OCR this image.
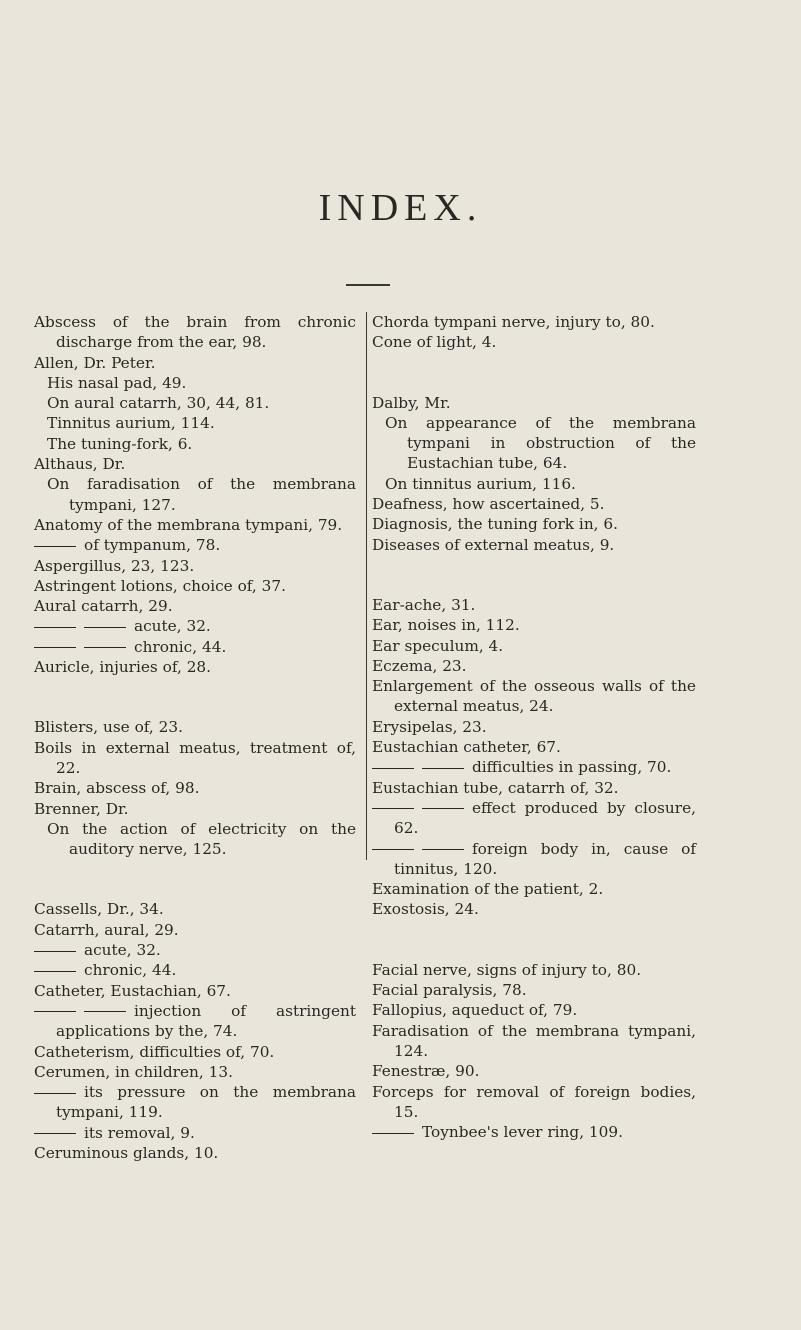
INDEX.

Abscess of the brain from chronic discharge from the ear, 98.

Allen, Dr. Peter.

His nasal pad, 49.

On aural catarrh, 30, 44, 81.

Tinnitus aurium, 114.

The tuning-fork, 6.

Althaus, Dr.

On faradisation of the membrana tympani, 127.

Anatomy of the membrana tympani, 79.

of tympanum, 78.

Aspergillus, 23, 123.

Astringent lotions, choice of, 37.

Aural catarrh, 29.

acute, 32.

chronic, 44.

Auricle, injuries of, 28.

Blisters, use of, 23.

Boils in external meatus, treatment of, 22.

Brain, abscess of, 98.

Brenner, Dr.

On the action of electricity on the auditory nerve, 125.

Cassells, Dr., 34.

Catarrh, aural, 29.

acute, 32.

chronic, 44.

Catheter, Eustachian, 67.

injection of astringent applications by the, 74.

Catheterism, difficulties of, 70.

Cerumen, in children, 13.

its pressure on the membrana tympani, 119.

its removal, 9.

Ceruminous glands, 10.

Chorda tympani nerve, injury to, 80.

Cone of light, 4.

Dalby, Mr.

On appearance of the membrana tympani in obstruction of the Eustachian tube, 64.

On tinnitus aurium, 116.

Deafness, how ascertained, 5.

Diagnosis, the tuning fork in, 6.

Diseases of external meatus, 9.

Ear-ache, 31.

Ear, noises in, 112.

Ear speculum, 4.

Eczema, 23.

Enlargement of the osseous walls of the external meatus, 24.

Erysipelas, 23.

Eustachian catheter, 67.

difficulties in passing, 70.

Eustachian tube, catarrh of, 32.

effect produced by closure, 62.

foreign body in, cause of tinnitus, 120.

Examination of the patient, 2.

Exostosis, 24.

Facial nerve, signs of injury to, 80.

Facial paralysis, 78.

Fallopius, aqueduct of, 79.

Faradisation of the membrana tympani, 124.

Fenestræ, 90.

Forceps for removal of foreign bodies, 15.

Toynbee's lever ring, 109.
